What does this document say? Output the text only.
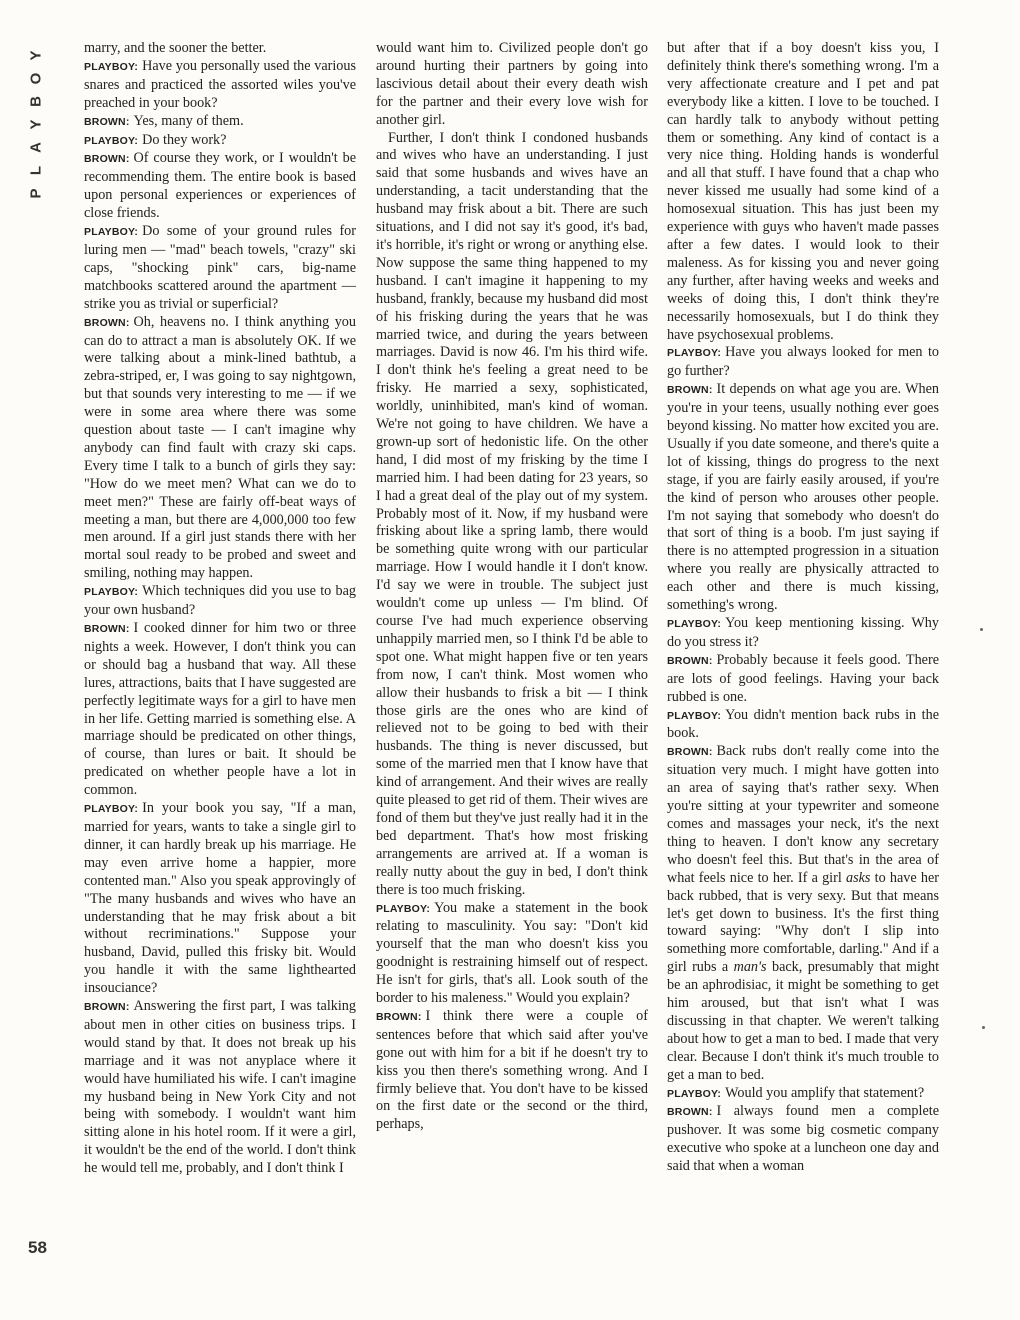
Y
O
B
Y
A
L
P
58

marry, and the sooner the better.

PLAYBOY: Have you personally used the various snares and practiced the assorted wiles you've preached in your book?

BROWN: Yes, many of them.

PLAYBOY: Do they work?

BROWN: Of course they work, or I wouldn't be recommending them. The entire book is based upon personal experiences or experiences of close friends.

PLAYBOY: Do some of your ground rules for luring men — "mad" beach towels, "crazy" ski caps, "shocking pink" cars, big-name matchbooks scattered around the apartment — strike you as trivial or superficial?

BROWN: Oh, heavens no. I think anything you can do to attract a man is absolutely OK. If we were talking about a mink-lined bathtub, a zebra-striped, er, I was going to say nightgown, but that sounds very interesting to me — if we were in some area where there was some question about taste — I can't imagine why anybody can find fault with crazy ski caps. Every time I talk to a bunch of girls they say: "How do we meet men? What can we do to meet men?" These are fairly off-beat ways of meeting a man, but there are 4,000,000 too few men around. If a girl just stands there with her mortal soul ready to be probed and sweet and smiling, nothing may happen.

PLAYBOY: Which techniques did you use to bag your own husband?

BROWN: I cooked dinner for him two or three nights a week. However, I don't think you can or should bag a husband that way. All these lures, attractions, baits that I have suggested are perfectly legitimate ways for a girl to have men in her life. Getting married is something else. A marriage should be predicated on other things, of course, than lures or bait. It should be predicated on whether people have a lot in common.

PLAYBOY: In your book you say, "If a man, married for years, wants to take a single girl to dinner, it can hardly break up his marriage. He may even arrive home a happier, more contented man." Also you speak approvingly of "The many husbands and wives who have an understanding that he may frisk about a bit without recriminations." Suppose your husband, David, pulled this frisky bit. Would you handle it with the same lighthearted insouciance?

BROWN: Answering the first part, I was talking about men in other cities on business trips. I would stand by that. It does not break up his marriage and it was not anyplace where it would have humiliated his wife. I can't imagine my husband being in New York City and not being with somebody. I wouldn't want him sitting alone in his hotel room. If it were a girl, it wouldn't be the end of the world. I don't think he would tell me, probably, and I don't think I

would want him to. Civilized people don't go around hurting their partners by going into lascivious detail about their every death wish for the partner and their every love wish for another girl.

Further, I don't think I condoned husbands and wives who have an understanding. I just said that some husbands and wives have an understanding, a tacit understanding that the husband may frisk about a bit. There are such situations, and I did not say it's good, it's bad, it's horrible, it's right or wrong or anything else. Now suppose the same thing happened to my husband. I can't imagine it happening to my husband, frankly, because my husband did most of his frisking during the years that he was married twice, and during the years between marriages. David is now 46. I'm his third wife. I don't think he's feeling a great need to be frisky. He married a sexy, sophisticated, worldly, uninhibited, man's kind of woman. We're not going to have children. We have a grown-up sort of hedonistic life. On the other hand, I did most of my frisking by the time I married him. I had been dating for 23 years, so I had a great deal of the play out of my system. Probably most of it. Now, if my husband were frisking about like a spring lamb, there would be something quite wrong with our particular marriage. How I would handle it I don't know. I'd say we were in trouble. The subject just wouldn't come up unless — I'm blind. Of course I've had much experience observing unhappily married men, so I think I'd be able to spot one. What might happen five or ten years from now, I can't think. Most women who allow their husbands to frisk a bit — I think those girls are the ones who are kind of relieved not to be going to bed with their husbands. The thing is never discussed, but some of the married men that I know have that kind of arrangement. And their wives are really quite pleased to get rid of them. Their wives are fond of them but they've just really had it in the bed department. That's how most frisking arrangements are arrived at. If a woman is really nutty about the guy in bed, I don't think there is too much frisking.

PLAYBOY: You make a statement in the book relating to masculinity. You say: "Don't kid yourself that the man who doesn't kiss you goodnight is restraining himself out of respect. He isn't for girls, that's all. Look south of the border to his maleness." Would you explain?

BROWN: I think there were a couple of sentences before that which said after you've gone out with him for a bit if he doesn't try to kiss you then there's something wrong. And I firmly believe that. You don't have to be kissed on the first date or the second or the third, perhaps,

but after that if a boy doesn't kiss you, I definitely think there's something wrong. I'm a very affectionate creature and I pet and pat everybody like a kitten. I love to be touched. I can hardly talk to anybody without petting them or something. Any kind of contact is a very nice thing. Holding hands is wonderful and all that stuff. I have found that a chap who never kissed me usually had some kind of a homosexual situation. This has just been my experience with guys who haven't made passes after a few dates. I would look to their maleness. As for kissing you and never going any further, after having weeks and weeks and weeks of doing this, I don't think they're necessarily homosexuals, but I do think they have psychosexual problems.

PLAYBOY: Have you always looked for men to go further?

BROWN: It depends on what age you are. When you're in your teens, usually nothing ever goes beyond kissing. No matter how excited you are. Usually if you date someone, and there's quite a lot of kissing, things do progress to the next stage, if you are fairly easily aroused, if you're the kind of person who arouses other people. I'm not saying that somebody who doesn't do that sort of thing is a boob. I'm just saying if there is no attempted progression in a situation where you really are physically attracted to each other and there is much kissing, something's wrong.

PLAYBOY: You keep mentioning kissing. Why do you stress it?

BROWN: Probably because it feels good. There are lots of good feelings. Having your back rubbed is one.

PLAYBOY: You didn't mention back rubs in the book.

BROWN: Back rubs don't really come into the situation very much. I might have gotten into an area of saying that's rather sexy. When you're sitting at your typewriter and someone comes and massages your neck, it's the next thing to heaven. I don't know any secretary who doesn't feel this. But that's in the area of what feels nice to her. If a girl asks to have her back rubbed, that is very sexy. But that means let's get down to business. It's the first thing toward saying: "Why don't I slip into something more comfortable, darling." And if a girl rubs a man's back, presumably that might be an aphrodisiac, it might be something to get him aroused, but that isn't what I was discussing in that chapter. We weren't talking about how to get a man to bed. I made that very clear. Because I don't think it's much trouble to get a man to bed.

PLAYBOY: Would you amplify that statement?

BROWN: I always found men a complete pushover. It was some big cosmetic company executive who spoke at a luncheon one day and said that when a woman
